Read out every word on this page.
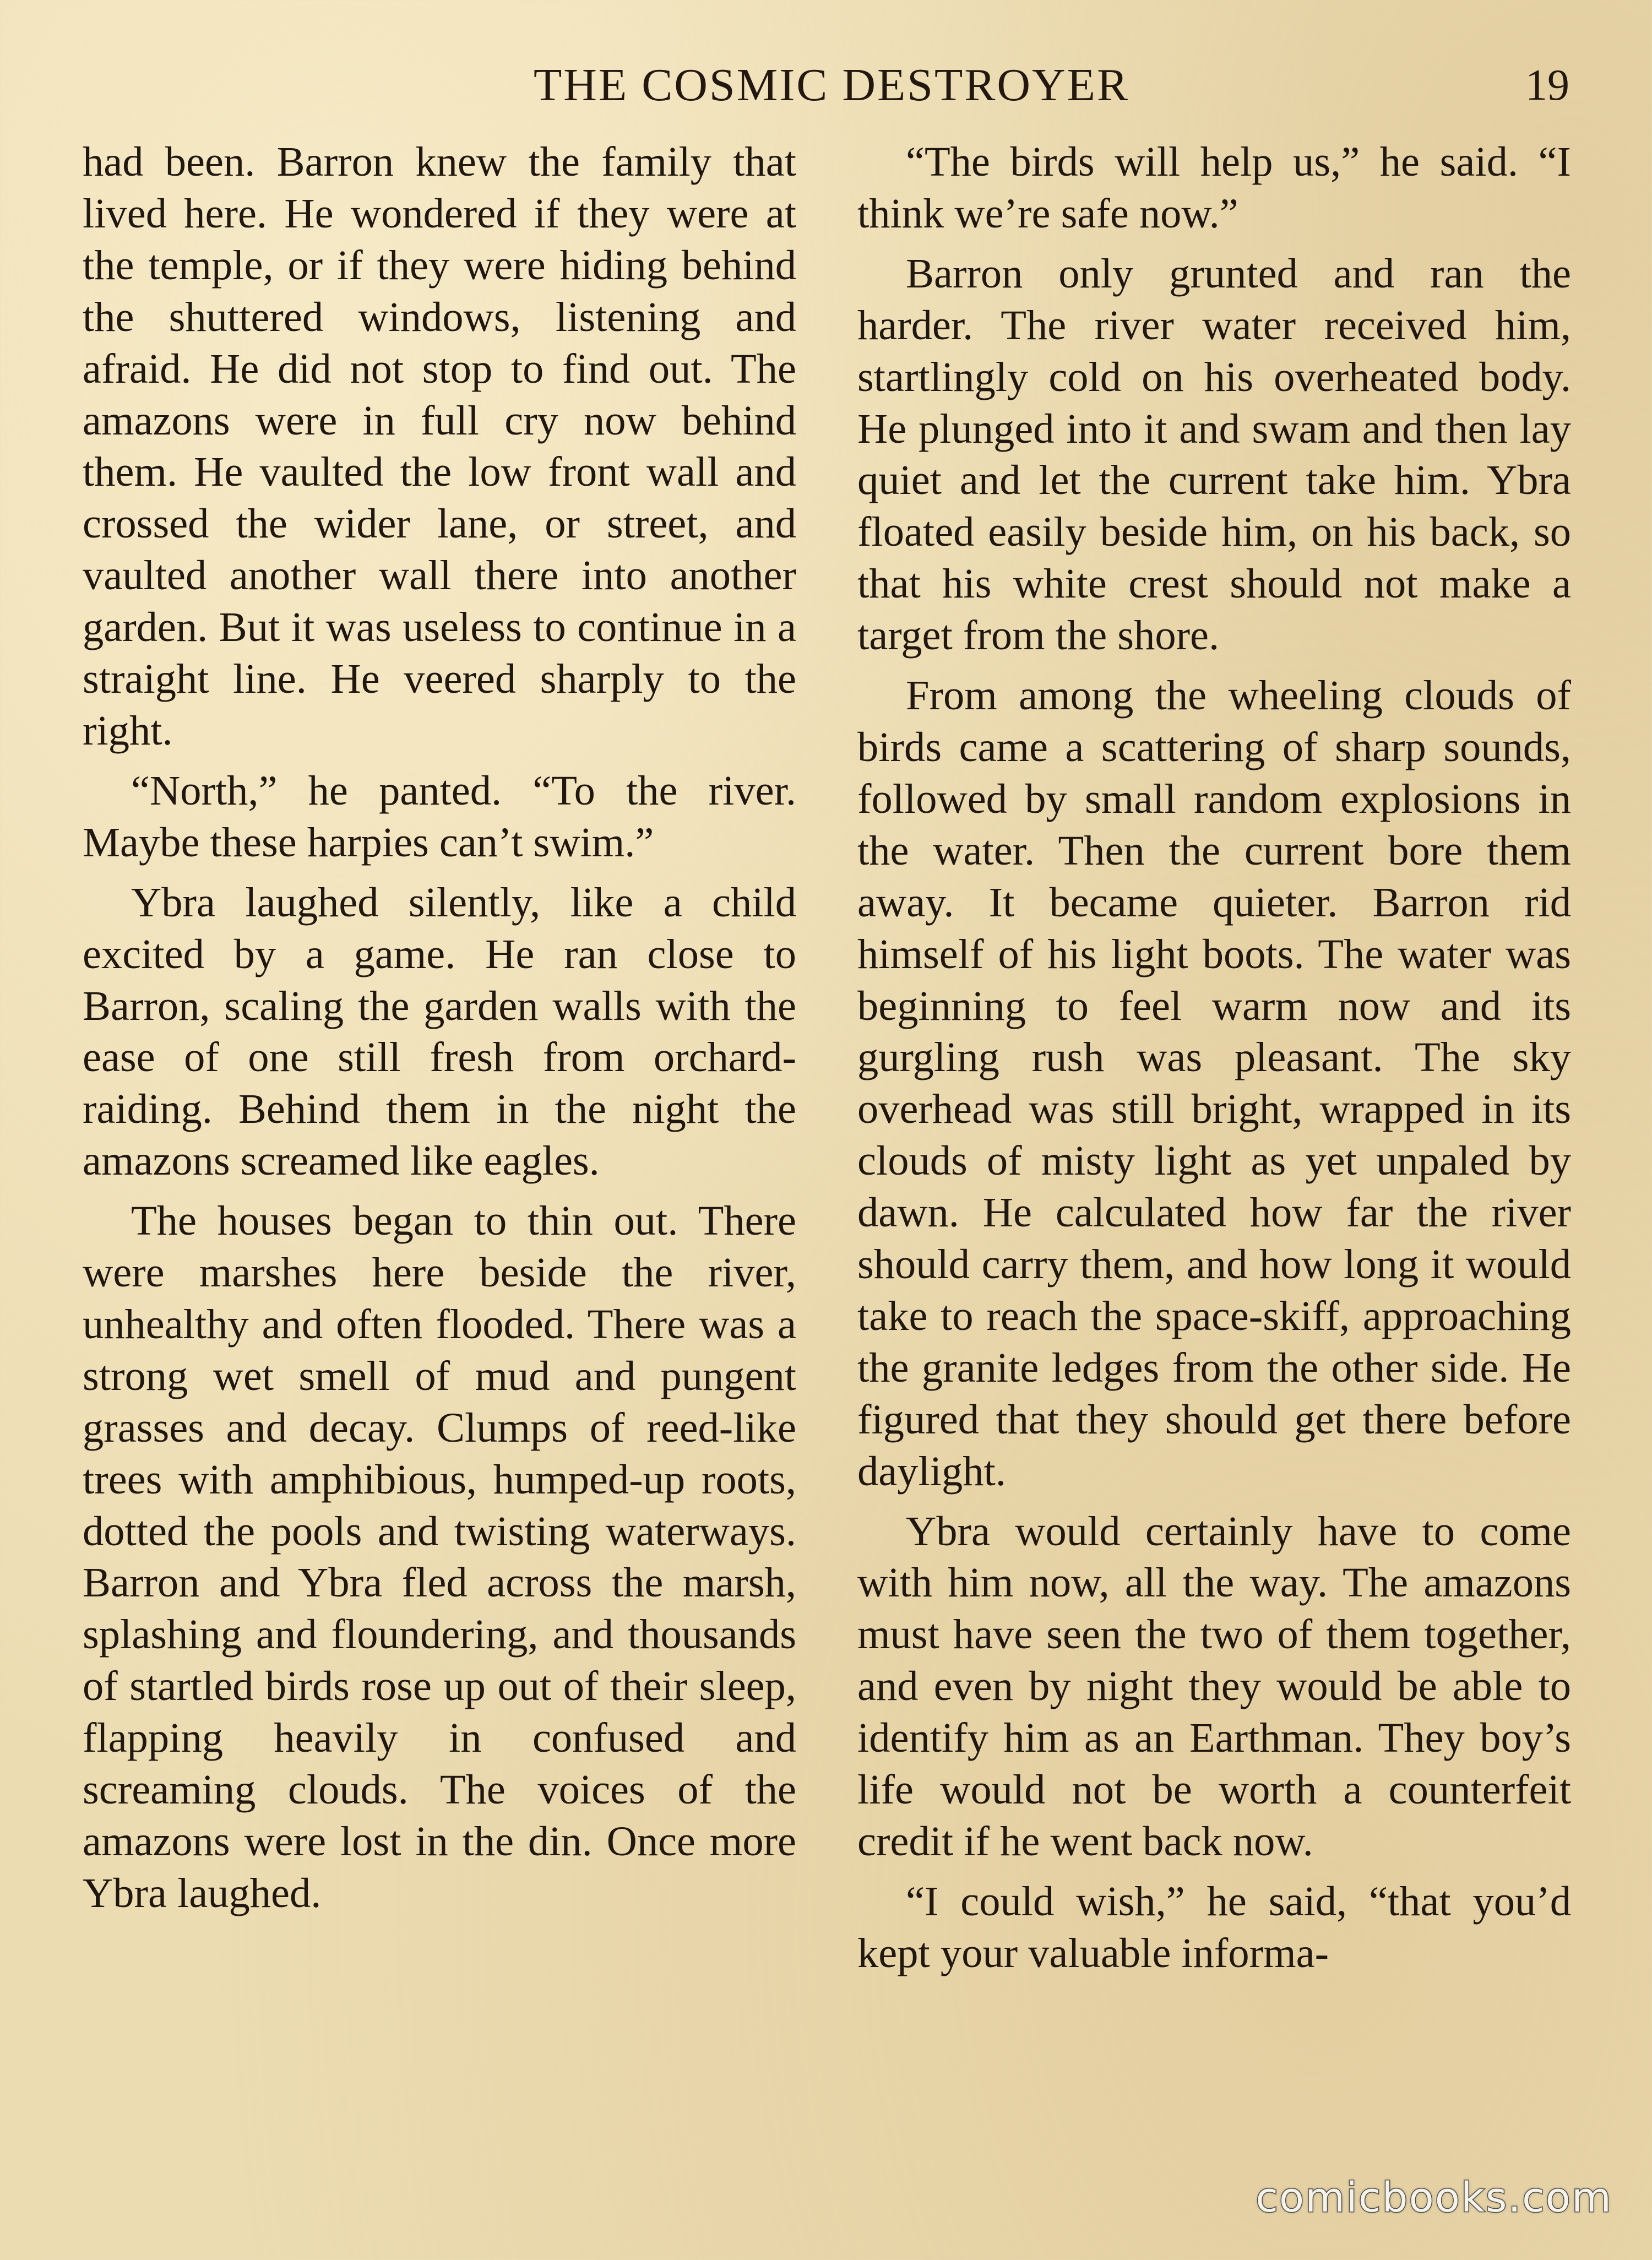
THE COSMIC DESTROYER	19

had been. Barron knew the family that lived here. He wondered if they were at the temple, or if they were hiding behind the shuttered windows, listening and afraid. He did not stop to find out. The amazons were in full cry now behind them. He vaulted the low front wall and crossed the wider lane, or street, and vaulted another wall there into another garden. But it was useless to continue in a straight line. He veered sharply to the right.

“North,” he panted. “To the river. Maybe these harpies can’t swim.”

Ybra laughed silently, like a child excited by a game. He ran close to Barron, scaling the garden walls with the ease of one still fresh from orchard-raiding. Behind them in the night the amazons screamed like eagles.

The houses began to thin out. There were marshes here beside the river, unhealthy and often flooded. There was a strong wet smell of mud and pungent grasses and decay. Clumps of reed-like trees with amphibious, humped-up roots, dotted the pools and twisting waterways. Barron and Ybra fled across the marsh, splashing and floundering, and thousands of startled birds rose up out of their sleep, flapping heavily in confused and screaming clouds. The voices of the amazons were lost in the din. Once more Ybra laughed.

“The birds will help us,” he said. “I think we’re safe now.”

Barron only grunted and ran the harder. The river water received him, startlingly cold on his overheated body. He plunged into it and swam and then lay quiet and let the current take him. Ybra floated easily beside him, on his back, so that his white crest should not make a target from the shore.

From among the wheeling clouds of birds came a scattering of sharp sounds, followed by small random explosions in the water. Then the current bore them away. It became quieter. Barron rid himself of his light boots. The water was beginning to feel warm now and its gurgling rush was pleasant. The sky overhead was still bright, wrapped in its clouds of misty light as yet unpaled by dawn. He calculated how far the river should carry them, and how long it would take to reach the space-skiff, approaching the granite ledges from the other side. He figured that they should get there before daylight.

Ybra would certainly have to come with him now, all the way. The amazons must have seen the two of them together, and even by night they would be able to identify him as an Earthman. They boy’s life would not be worth a counterfeit credit if he went back now.

“I could wish,” he said, “that you’d kept your valuable informa-

comicbooks.com
